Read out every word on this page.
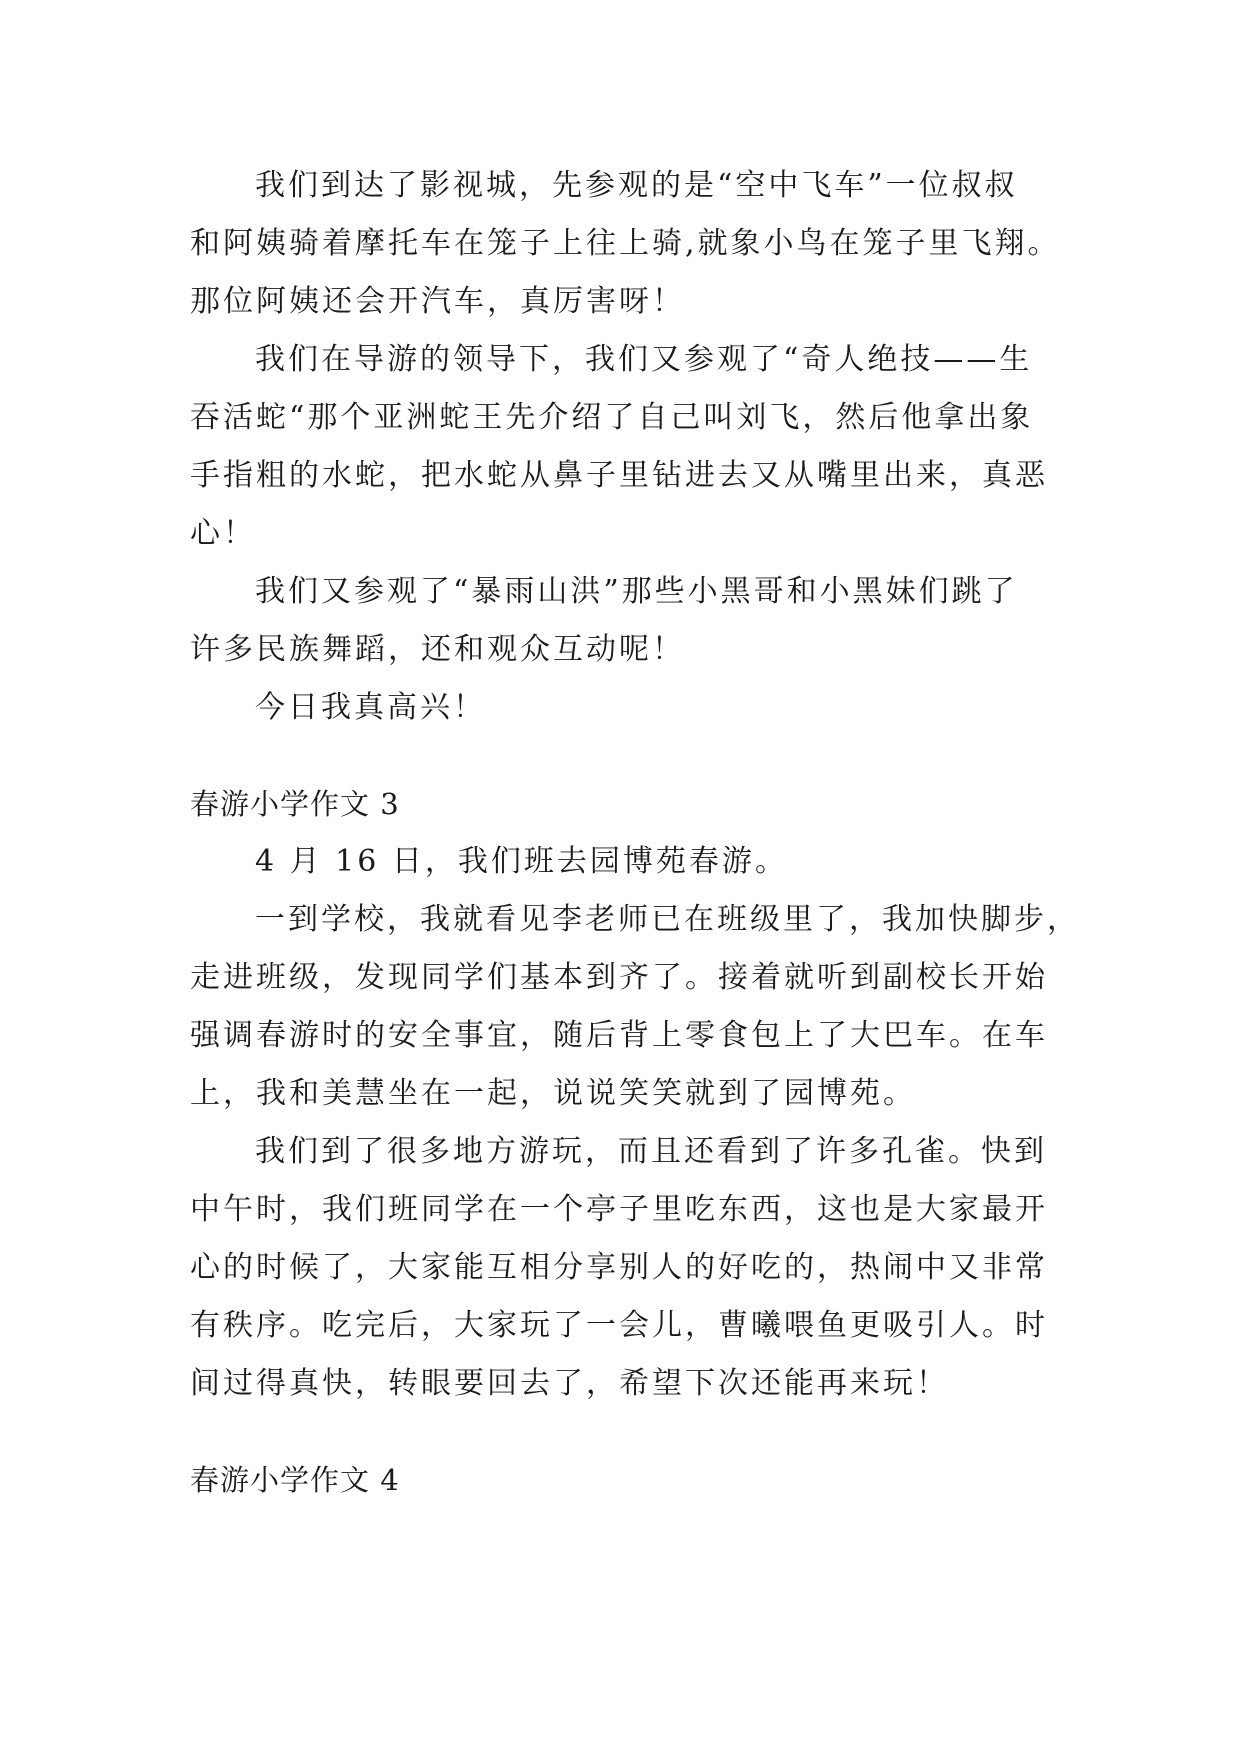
我们到达了影视城，先参观的是“空中飞车”一位叔叔
和阿姨骑着摩托车在笼子上往上骑,就象小鸟在笼子里飞翔。
那位阿姨还会开汽车，真厉害呀！
我们在导游的领导下，我们又参观了“奇人绝技——生
吞活蛇“那个亚洲蛇王先介绍了自己叫刘飞，然后他拿出象
手指粗的水蛇，把水蛇从鼻子里钻进去又从嘴里出来，真恶
心！
我们又参观了“暴雨山洪”那些小黑哥和小黑妹们跳了
许多民族舞蹈，还和观众互动呢！
今日我真高兴！
春游小学作文 3
4 月 16 日，我们班去园博苑春游。
一到学校，我就看见李老师已在班级里了，我加快脚步，
走进班级，发现同学们基本到齐了。接着就听到副校长开始
强调春游时的安全事宜，随后背上零食包上了大巴车。在车
上，我和美慧坐在一起，说说笑笑就到了园博苑。
我们到了很多地方游玩，而且还看到了许多孔雀。快到
中午时，我们班同学在一个亭子里吃东西，这也是大家最开
心的时候了，大家能互相分享别人的好吃的，热闹中又非常
有秩序。吃完后，大家玩了一会儿，曹曦喂鱼更吸引人。时
间过得真快，转眼要回去了，希望下次还能再来玩！
春游小学作文 4
